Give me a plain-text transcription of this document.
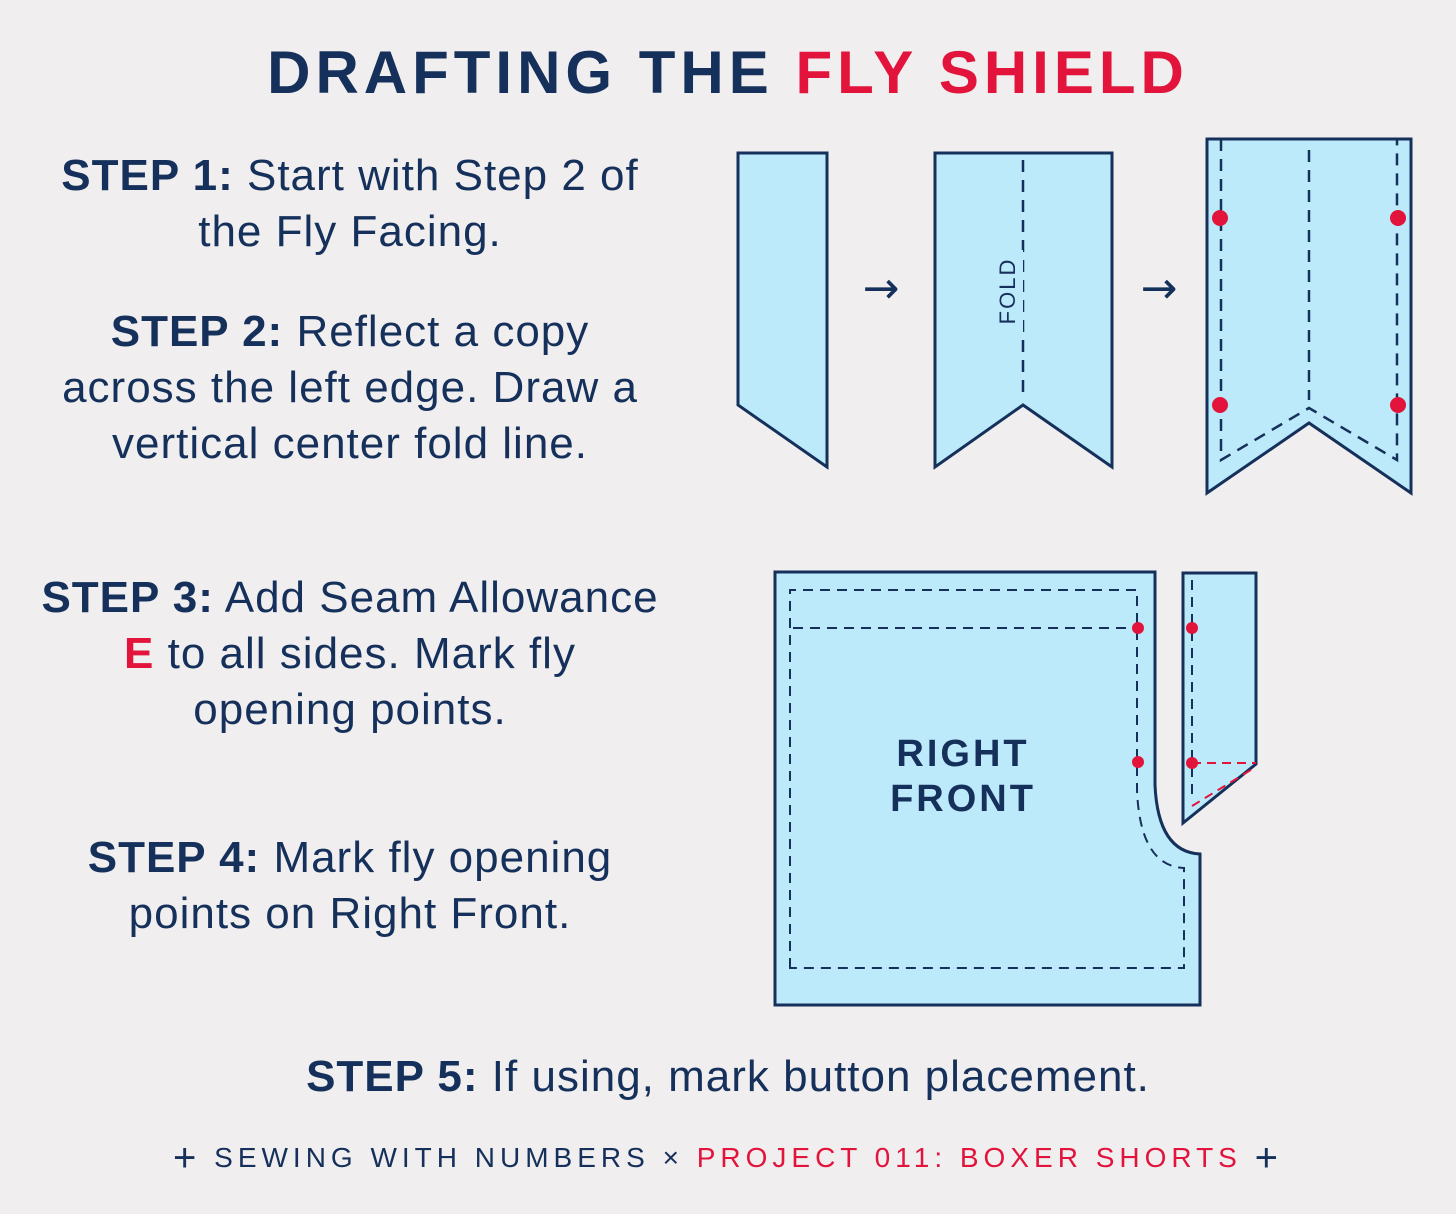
DRAFTING THE FLY SHIELD
STEP 1: Start with Step 2 of the Fly Facing.
STEP 2: Reflect a copy across the left edge. Draw a vertical center fold line.
STEP 3: Add Seam Allowance E to all sides. Mark fly opening points.
STEP 4: Mark fly opening points on Right Front.
→	FOLD	→
RIGHT
FRONT
STEP 5: If using, mark button placement.
+ SEWING WITH NUMBERS × PROJECT 011: BOXER SHORTS +
